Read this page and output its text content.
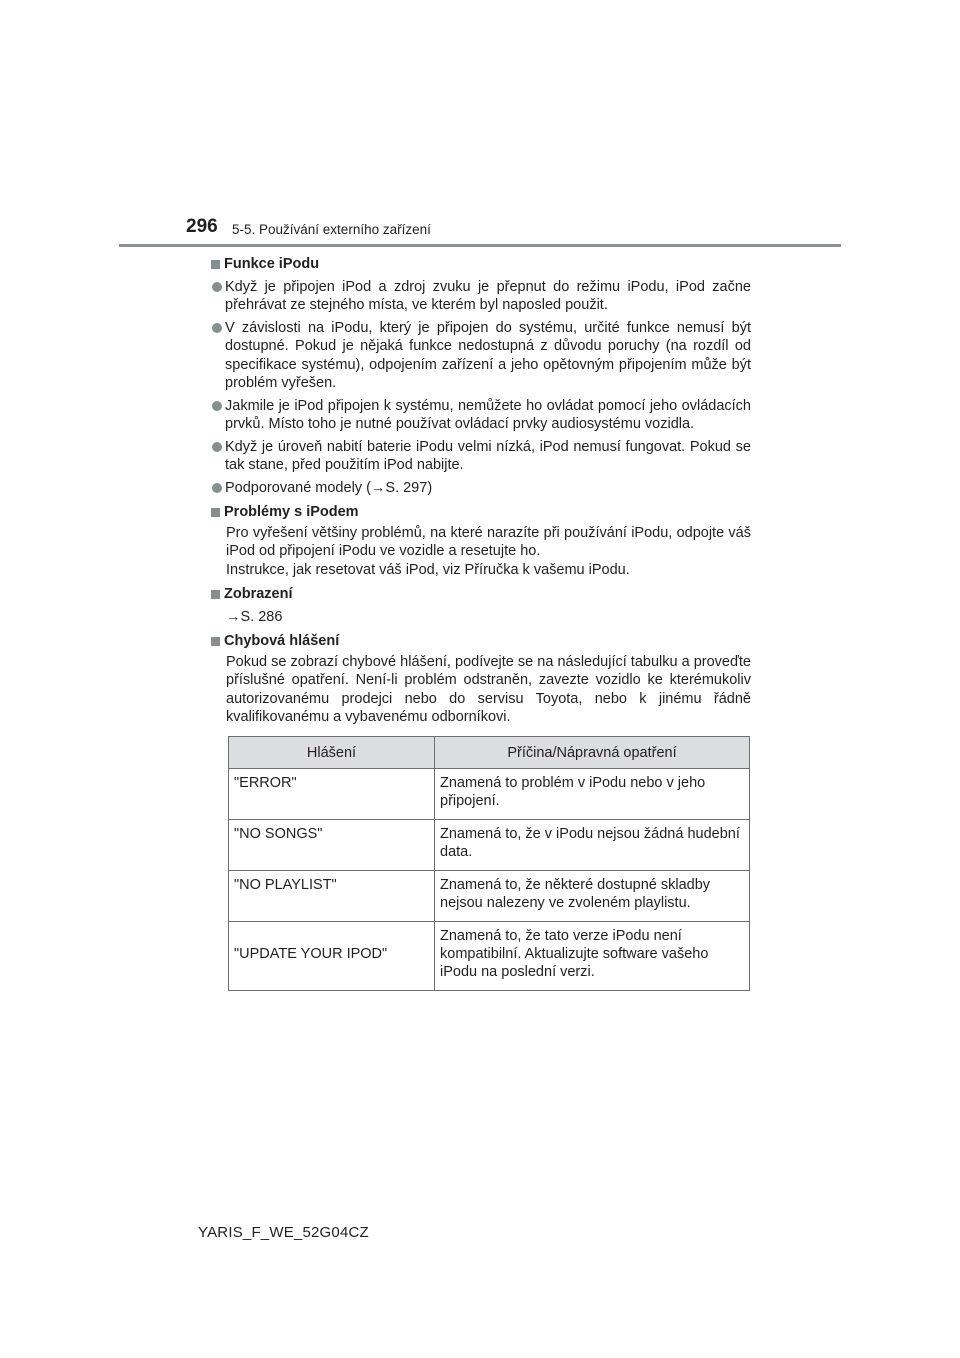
296 5-5. Používání externího zařízení
Funkce iPodu
Když je připojen iPod a zdroj zvuku je přepnut do režimu iPodu, iPod začne přehrávat ze stejného místa, ve kterém byl naposled použit.
V závislosti na iPodu, který je připojen do systému, určité funkce nemusí být dostupné. Pokud je nějaká funkce nedostupná z důvodu poruchy (na rozdíl od specifikace systému), odpojením zařízení a jeho opětovným připojením může být problém vyřešen.
Jakmile je iPod připojen k systému, nemůžete ho ovládat pomocí jeho ovládacích prvků. Místo toho je nutné používat ovládací prvky audiosystému vozidla.
Když je úroveň nabití baterie iPodu velmi nízká, iPod nemusí fungovat. Pokud se tak stane, před použitím iPod nabijte.
Podporované modely (→S. 297)
Problémy s iPodem
Pro vyřešení většiny problémů, na které narazíte při používání iPodu, odpojte váš iPod od připojení iPodu ve vozidle a resetujte ho.
Instrukce, jak resetovat váš iPod, viz Příručka k vašemu iPodu.
Zobrazení
→S. 286
Chybová hlášení
Pokud se zobrazí chybové hlášení, podívejte se na následující tabulku a proveďte příslušné opatření. Není-li problém odstraněn, zavezte vozidlo ke kterémukoliv autorizovanému prodejci nebo do servisu Toyota, nebo k jinému řádně kvalifikovanému a vybavenému odborníkovi.
Hlášení	Příčina/Nápravná opatření
"ERROR"	Znamená to problém v iPodu nebo v jeho připojení.
"NO SONGS"	Znamená to, že v iPodu nejsou žádná hudební data.
"NO PLAYLIST"	Znamená to, že některé dostupné skladby nejsou nalezeny ve zvoleném playlistu.
"UPDATE YOUR IPOD"	Znamená to, že tato verze iPodu není kompatibilní. Aktualizujte software vašeho iPodu na poslední verzi.
YARIS_F_WE_52G04CZ
